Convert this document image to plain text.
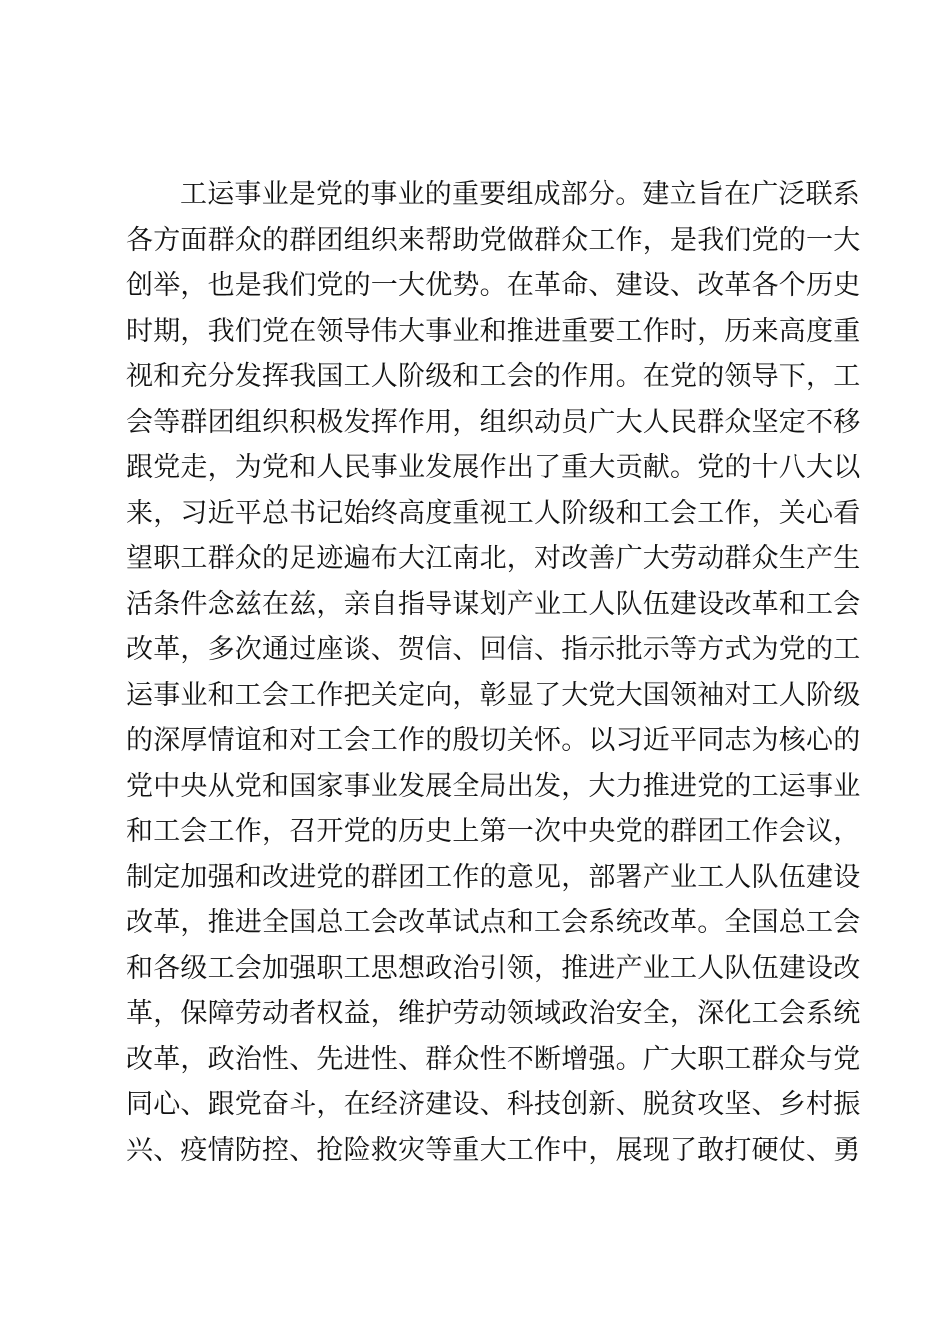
工运事业是党的事业的重要组成部分。建立旨在广泛联系
各方面群众的群团组织来帮助党做群众工作，是我们党的一大
创举，也是我们党的一大优势。在革命、建设、改革各个历史
时期，我们党在领导伟大事业和推进重要工作时，历来高度重
视和充分发挥我国工人阶级和工会的作用。在党的领导下，工
会等群团组织积极发挥作用，组织动员广大人民群众坚定不移
跟党走，为党和人民事业发展作出了重大贡献。党的十八大以
来，习近平总书记始终高度重视工人阶级和工会工作，关心看
望职工群众的足迹遍布大江南北，对改善广大劳动群众生产生
活条件念兹在兹，亲自指导谋划产业工人队伍建设改革和工会
改革，多次通过座谈、贺信、回信、指示批示等方式为党的工
运事业和工会工作把关定向，彰显了大党大国领袖对工人阶级
的深厚情谊和对工会工作的殷切关怀。以习近平同志为核心的
党中央从党和国家事业发展全局出发，大力推进党的工运事业
和工会工作，召开党的历史上第一次中央党的群团工作会议，
制定加强和改进党的群团工作的意见，部署产业工人队伍建设
改革，推进全国总工会改革试点和工会系统改革。全国总工会
和各级工会加强职工思想政治引领，推进产业工人队伍建设改
革，保障劳动者权益，维护劳动领域政治安全，深化工会系统
改革，政治性、先进性、群众性不断增强。广大职工群众与党
同心、跟党奋斗，在经济建设、科技创新、脱贫攻坚、乡村振
兴、疫情防控、抢险救灾等重大工作中，展现了敢打硬仗、勇
